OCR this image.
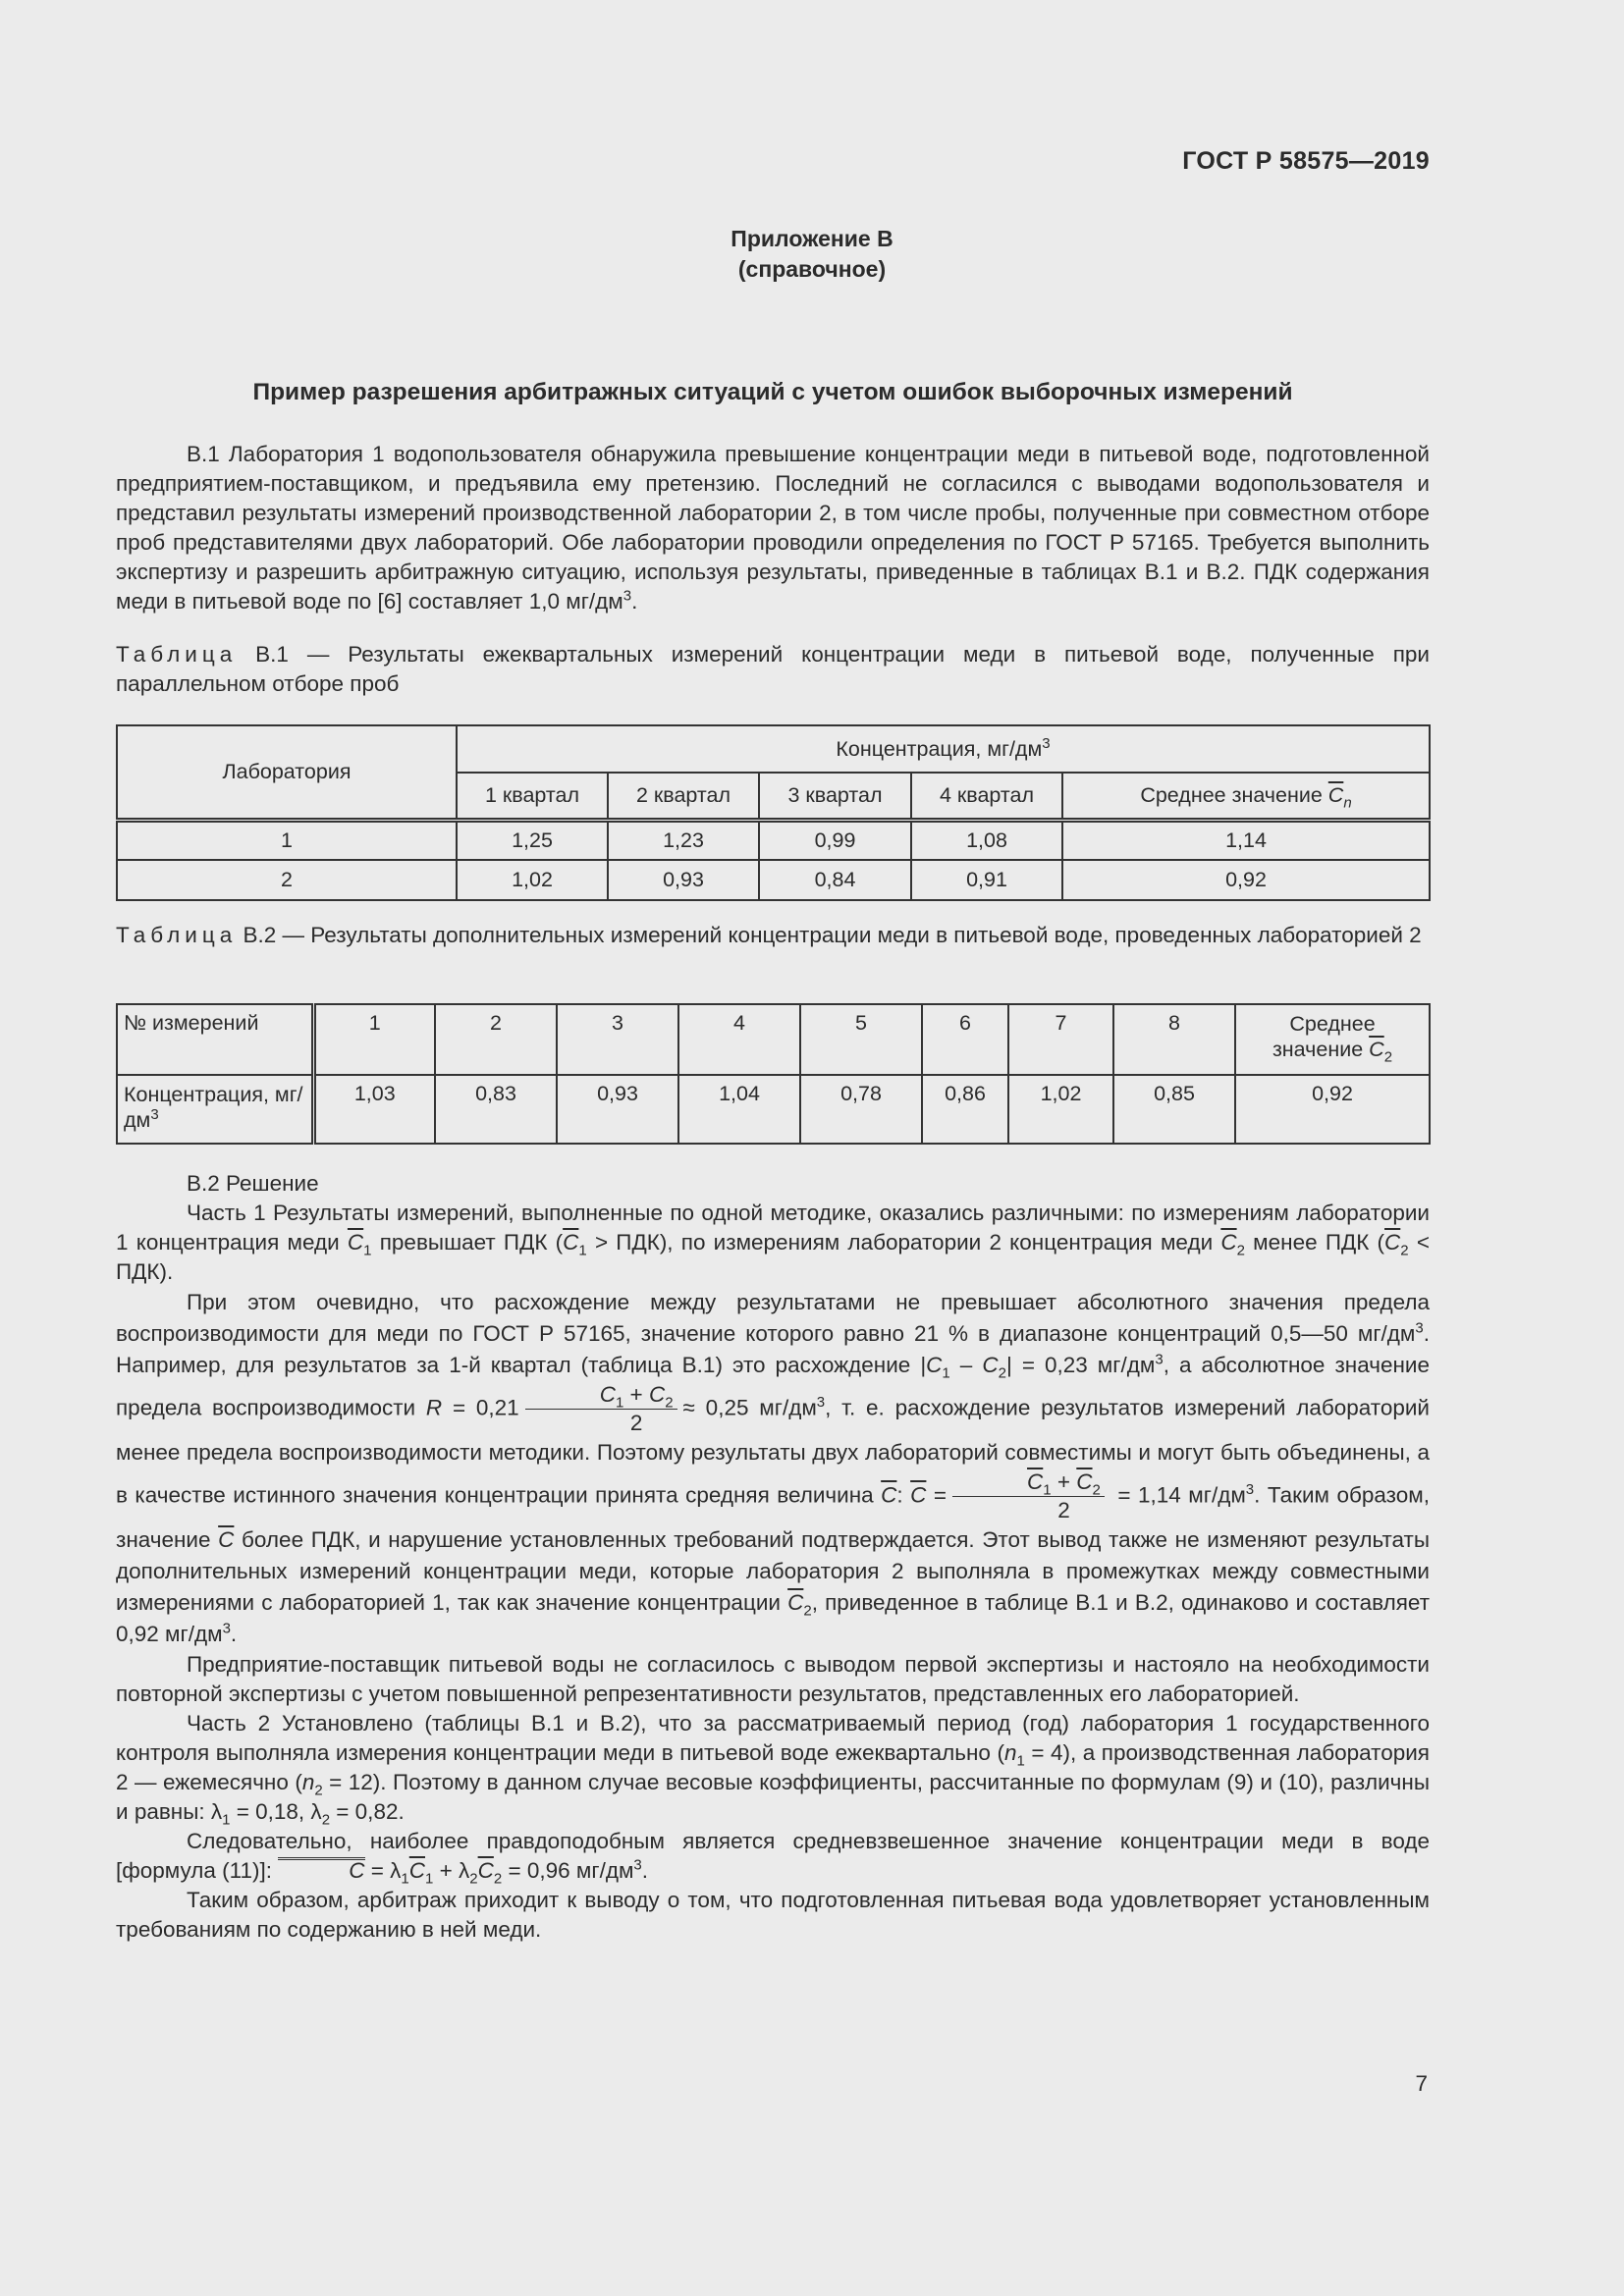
ГОСТ Р 58575—2019
Приложение В
(справочное)
Пример разрешения арбитражных ситуаций с учетом ошибок выборочных измерений

В.1 Лаборатория 1 водопользователя обнаружила превышение концентрации меди в питьевой воде, подготовленной предприятием-поставщиком, и предъявила ему претензию. Последний не согласился с выводами водопользователя и представил результаты измерений производственной лаборатории 2, в том числе пробы, полученные при совместном отборе проб представителями двух лабораторий. Обе лаборатории проводили определения по ГОСТ Р 57165. Требуется выполнить экспертизу и разрешить арбитражную ситуацию, используя результаты, приведенные в таблицах В.1 и В.2. ПДК содержания меди в питьевой воде по [6] составляет 1,0 $мг/дм^3$.

Таблица В.1 — Результаты ежеквартальных измерений концентрации меди в питьевой воде, полученные при параллельном отборе проб

Лаборатория	Концентрация, $мг/дм^3$
	1 квартал	2 квартал	3 квартал	4 квартал	Среднее значение $\overline{C}_n$
1	1,25	1,23	0,99	1,08	1,14
2	1,02	0,93	0,84	0,91	0,92

Таблица В.2 — Результаты дополнительных измерений концентрации меди в питьевой воде, проведенных лабораторией 2

№ измерений	1	2	3	4	5	6	7	8	Среднее
значение $\overline{C}_2$
Концентрация, $мг/дм^3$	1,03	0,83	0,93	1,04	0,78	0,86	1,02	0,85	0,92

В.2 Решение

Часть 1 Результаты измерений, выполненные по одной методике, оказались различными: по измерениям лаборатории 1 концентрация меди $\overline{C}_1$ превышает ПДК $(\overline{C}_1 > ПДК)$, по измерениям лаборатории 2 концентрация меди $\overline{C}_2$ менее ПДК $(\overline{C}_2 < ПДК)$.

При этом очевидно, что расхождение между результатами не превышает абсолютного значения предела воспроизводимости для меди по ГОСТ Р 57165, значение которого равно 21 % в диапазоне концентраций 0,5—50 $мг/дм^3$. Например, для результатов за 1-й квартал (таблица В.1) это расхождение $|C_1 - C_2| = 0,23$ $мг/дм^3$, а абсолютное значение предела воспроизводимости $R = 0,21 \frac{C_1 + C_2}{2} \approx 0,25$ $мг/дм^3$, т. е. расхождение результатов измерений лабораторий менее предела воспроизводимости методики. Поэтому результаты двух лабораторий совместимы и могут быть объединены, а в качестве истинного значения концентрации принята средняя величина $\overline{C}$: $\overline{C} = \frac{\overline{C}_1 + \overline{C}_2}{2} = 1,14$ $мг/дм^3$. Таким образом, значение $\overline{C}$ более ПДК, и нарушение установленных требований подтверждается. Этот вывод также не изменяют результаты дополнительных измерений концентрации меди, которые лаборатория 2 выполняла в промежутках между совместными измерениями с лабораторией 1, так как значение концентрации $\overline{C}_2$, приведенное в таблице В.1 и В.2, одинаково и составляет 0,92 $мг/дм^3$.

Предприятие-поставщик питьевой воды не согласилось с выводом первой экспертизы и настояло на необходимости повторной экспертизы с учетом повышенной репрезентативности результатов, представленных его лабораторией.

Часть 2 Установлено (таблицы В.1 и В.2), что за рассматриваемый период (год) лаборатория 1 государственного контроля выполняла измерения концентрации меди в питьевой воде ежеквартально $(n_1 = 4)$, а производственная лаборатория 2 — ежемесячно $(n_2 = 12)$. Поэтому в данном случае весовые коэффициенты, рассчитанные по формулам (9) и (10), различны и равны: $\lambda_1 = 0,18$, $\lambda_2 = 0,82$.

Следовательно, наиболее правдоподобным является средневзвешенное значение концентрации меди в воде [формула (11)]:	$C = \lambda_1\overline{C}_1 + \lambda_2\overline{C}_2 = 0,96$ $мг/дм^3$.

Таким образом, арбитраж приходит к выводу о том, что подготовленная питьевая вода удовлетворяет установленным требованиям по содержанию в ней меди.

7
